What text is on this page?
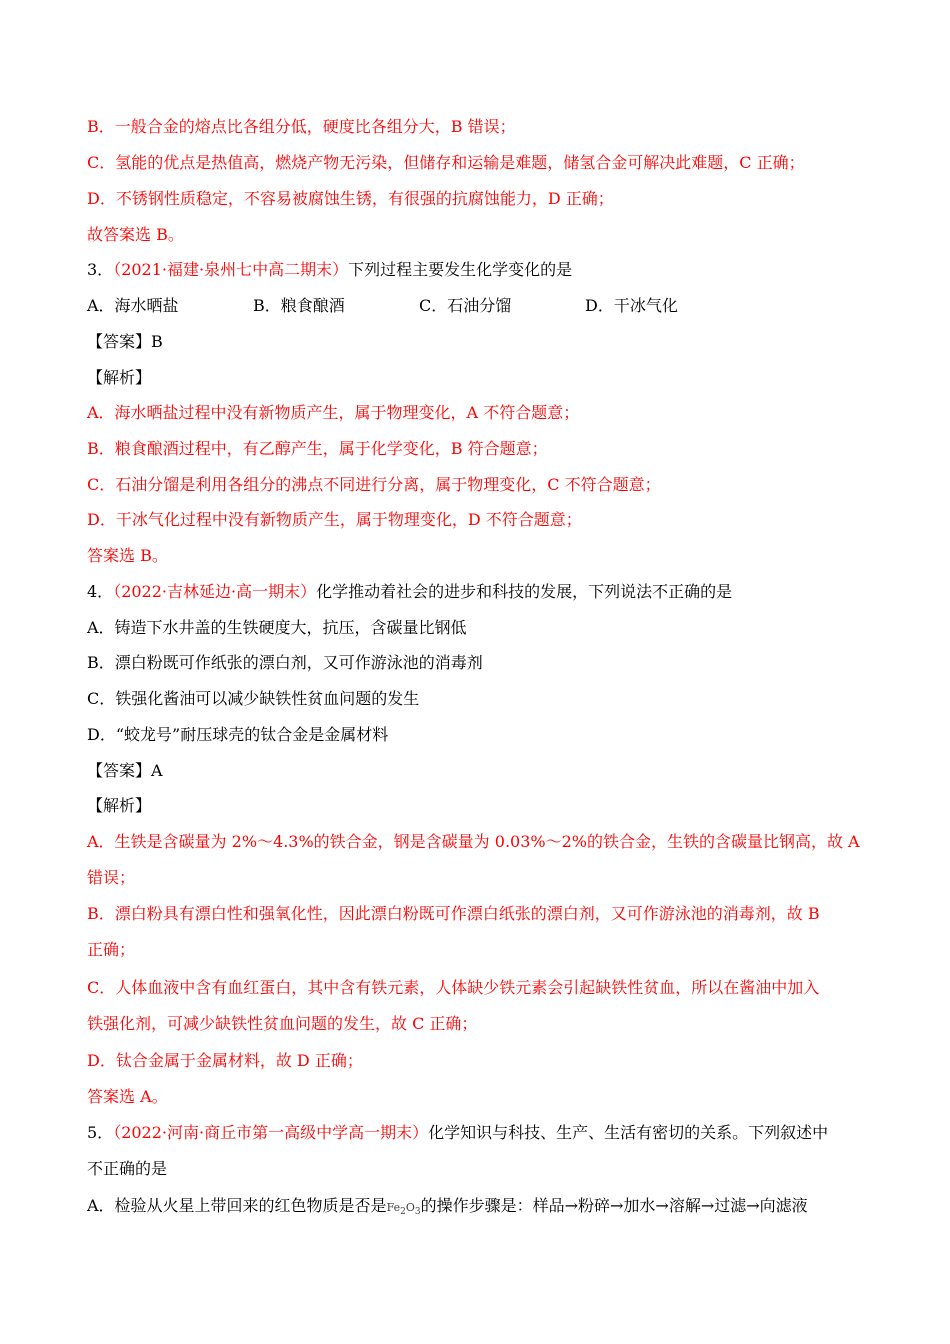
B．一般合金的熔点比各组分低，硬度比各组分大，B 错误；
C．氢能的优点是热值高，燃烧产物无污染，但储存和运输是难题，储氢合金可解决此难题，C 正确；
D．不锈钢性质稳定，不容易被腐蚀生锈，有很强的抗腐蚀能力，D 正确；
故答案选 B。
3．（2021·福建·泉州七中高二期末）下列过程主要发生化学变化的是
A．海水晒盐	B．粮食酿酒	C．石油分馏	D．干冰气化
【答案】B
【解析】
A．海水晒盐过程中没有新物质产生，属于物理变化，A 不符合题意；
B．粮食酿酒过程中，有乙醇产生，属于化学变化，B 符合题意；
C．石油分馏是利用各组分的沸点不同进行分离，属于物理变化，C 不符合题意；
D．干冰气化过程中没有新物质产生，属于物理变化，D 不符合题意；
答案选 B。
4．（2022·吉林延边·高一期末）化学推动着社会的进步和科技的发展，下列说法不正确的是
A．铸造下水井盖的生铁硬度大，抗压，含碳量比钢低
B．漂白粉既可作纸张的漂白剂，又可作游泳池的消毒剂
C．铁强化酱油可以减少缺铁性贫血问题的发生
D．“蛟龙号”耐压球壳的钛合金是金属材料
【答案】A
【解析】
A．生铁是含碳量为 2%～4.3%的铁合金，钢是含碳量为 0.03%～2%的铁合金，生铁的含碳量比钢高，故 A
错误；
B．漂白粉具有漂白性和强氧化性，因此漂白粉既可作漂白纸张的漂白剂，又可作游泳池的消毒剂，故 B
正确；
C．人体血液中含有血红蛋白，其中含有铁元素，人体缺少铁元素会引起缺铁性贫血，所以在酱油中加入
铁强化剂，可减少缺铁性贫血问题的发生，故 C 正确；
D．钛合金属于金属材料，故 D 正确；
答案选 A。
5．（2022·河南·商丘市第一高级中学高一期末）化学知识与科技、生产、生活有密切的关系。下列叙述中
不正确的是
A．检验从火星上带回来的红色物质是否是$Fe_2O_3$的操作步骤是：样品→粉碎→加水→溶解→过滤→向滤液
